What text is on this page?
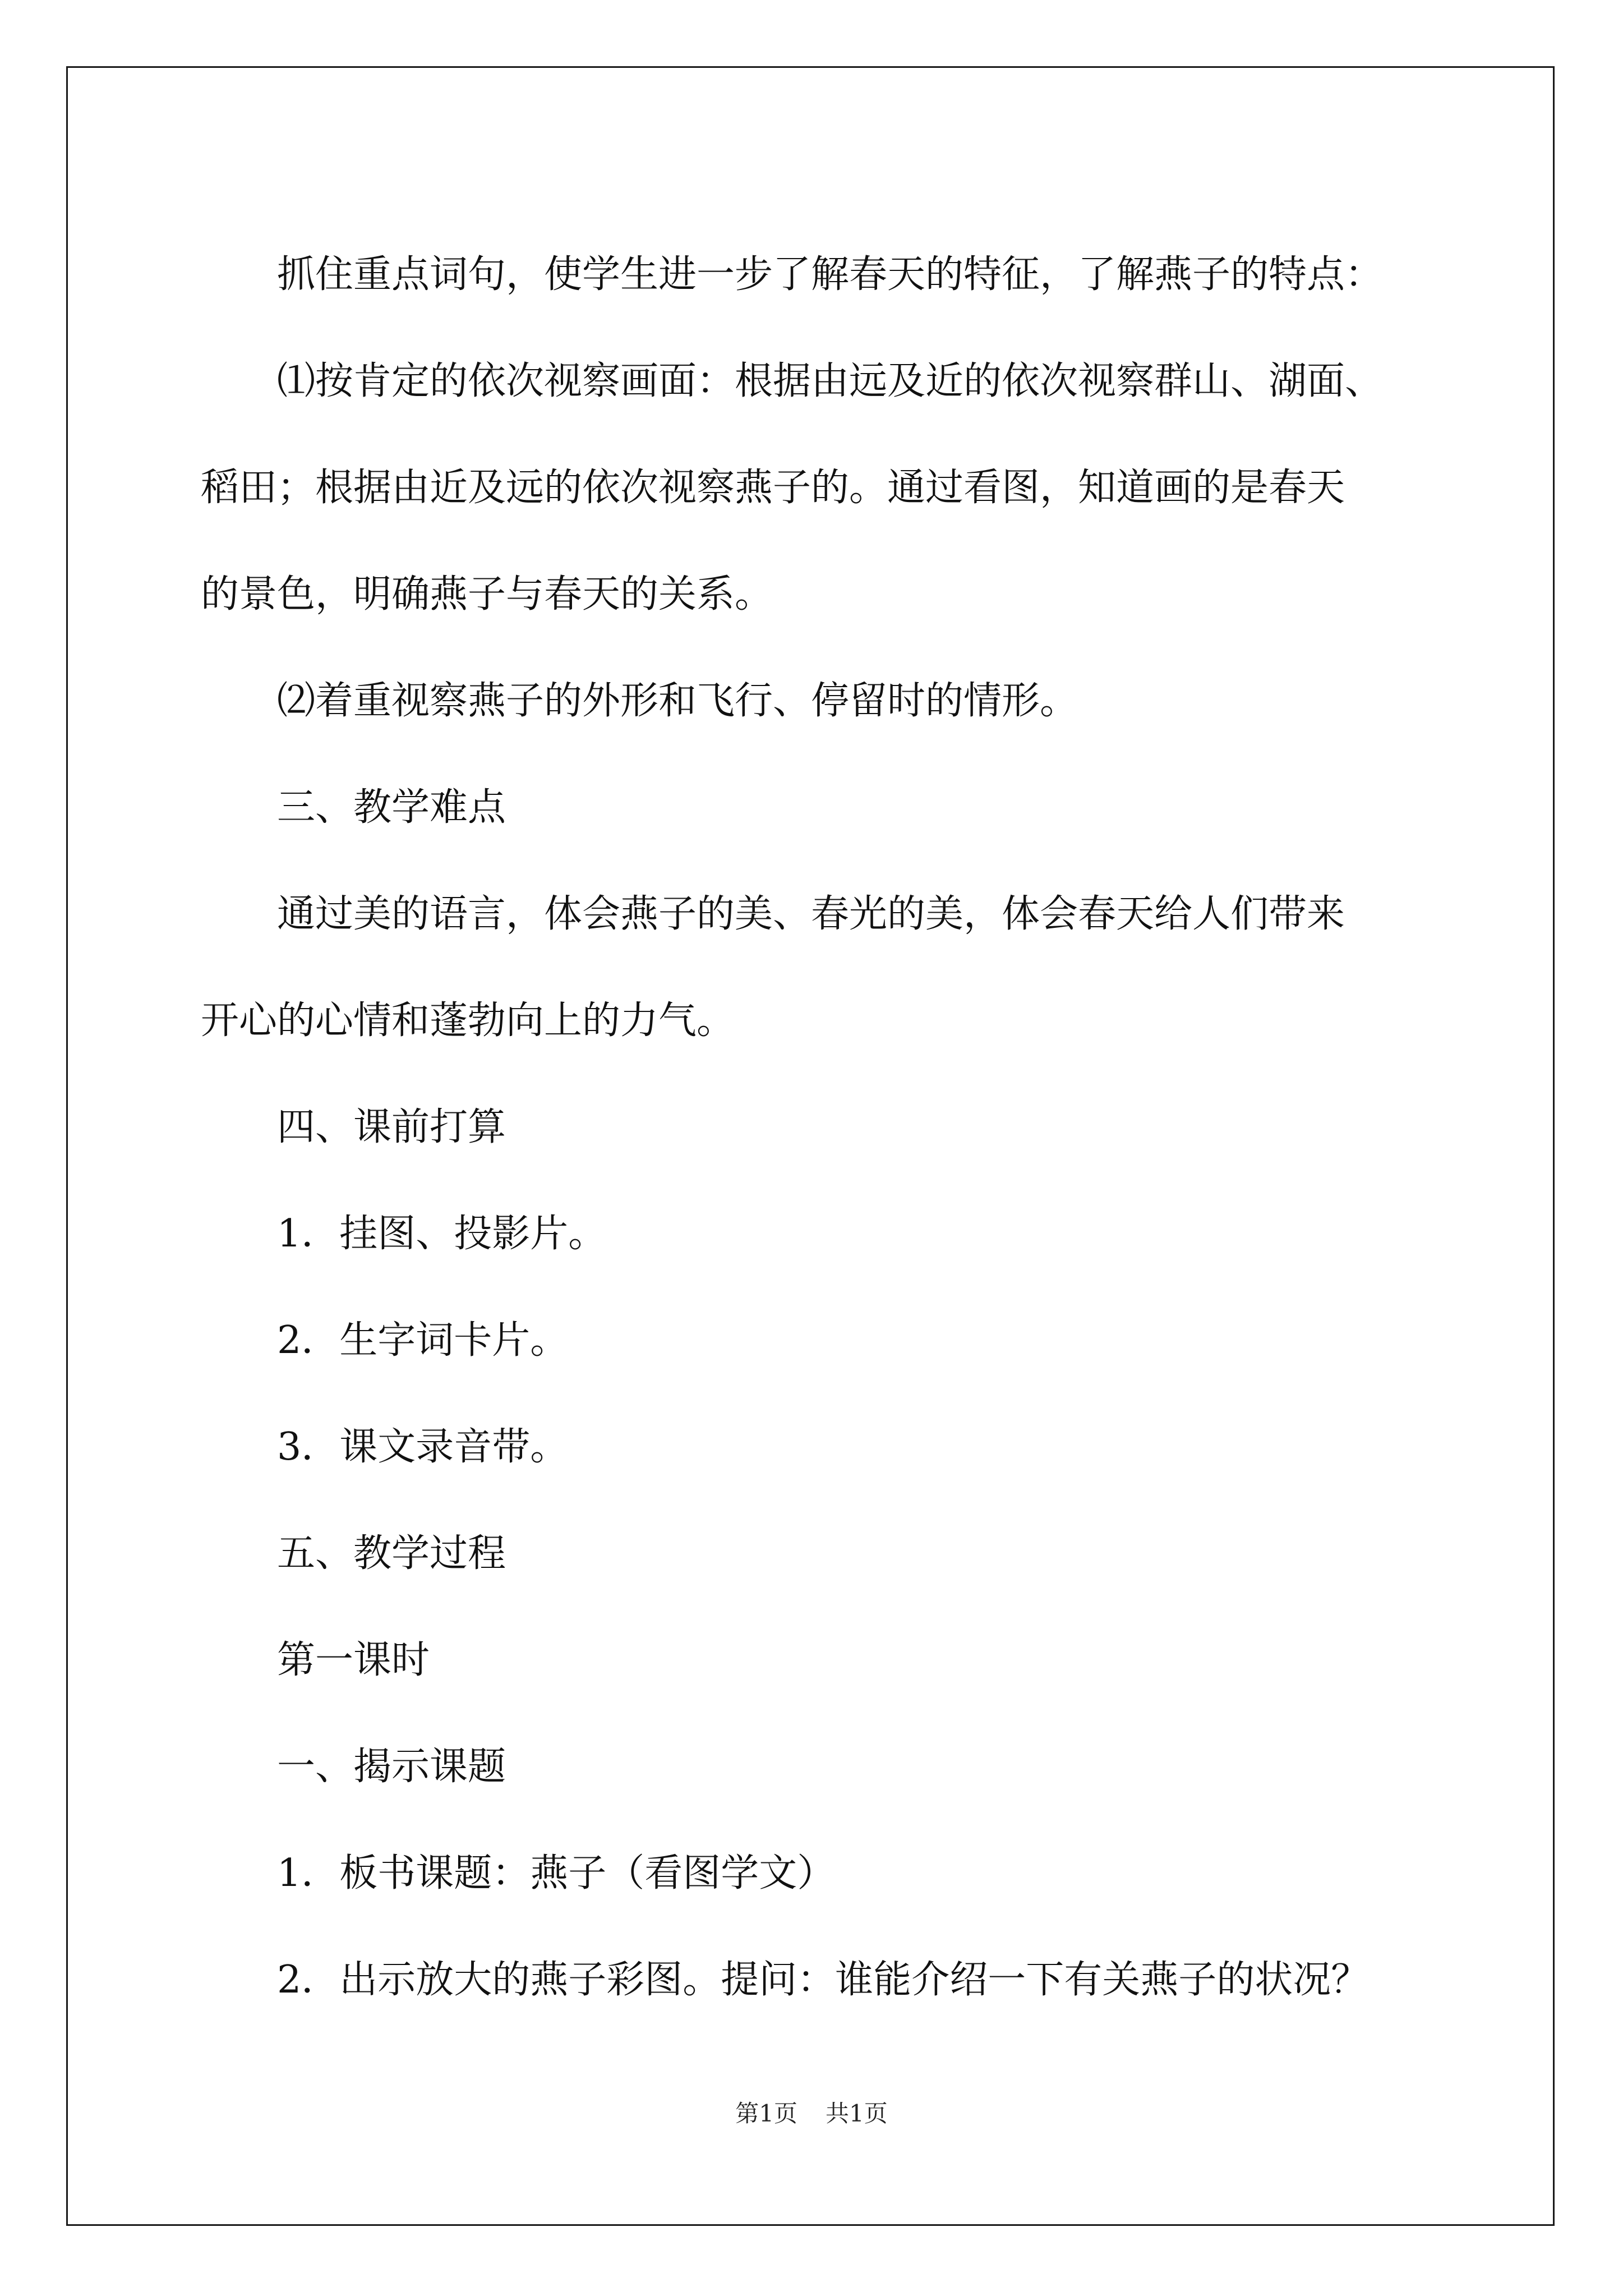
抓住重点词句，使学生进一步了解春天的特征，了解燕子的特点：

⑴按肯定的依次视察画面：根据由远及近的依次视察群山、湖面、

稻田；根据由近及远的依次视察燕子的。通过看图，知道画的是春天

的景色，明确燕子与春天的关系。

⑵着重视察燕子的外形和飞行、停留时的情形。

三、教学难点

通过美的语言，体会燕子的美、春光的美，体会春天给人们带来

开心的心情和蓬勃向上的力气。

四、课前打算

1．挂图、投影片。

2．生字词卡片。

3．课文录音带。

五、教学过程

第一课时

一、揭示课题

1．板书课题：燕子（看图学文）

2．出示放大的燕子彩图。提问：谁能介绍一下有关燕子的状况？

第1页 共1页
